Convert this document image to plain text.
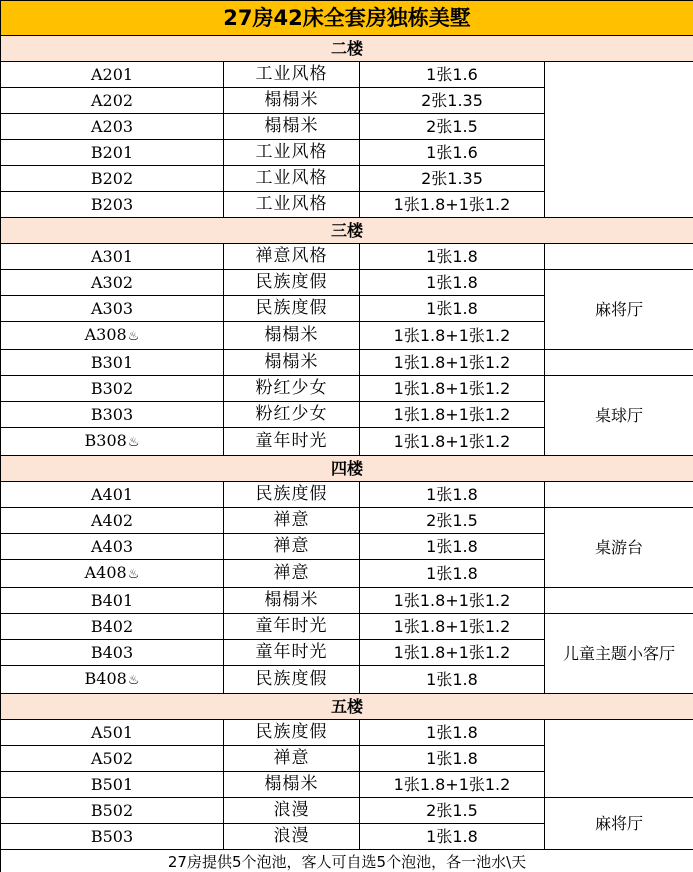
27房42床全套房独栋美墅			
二楼			
A201	工业风格	1张1.6	
A202	榻榻米	2张1.35	
A203	榻榻米	2张1.5	
B201	工业风格	1张1.6	
B202	工业风格	2张1.35	
B203	工业风格	1张1.8+1张1.2	
三楼			
A301	禅意风格	1张1.8	
A302	民族度假	1张1.8	麻将厅
A303	民族度假	1张1.8	
A308♨	榻榻米	1张1.8+1张1.2	
B301	榻榻米	1张1.8+1张1.2	
B302	粉红少女	1张1.8+1张1.2	桌球厅
B303	粉红少女	1张1.8+1张1.2	
B308♨	童年时光	1张1.8+1张1.2	
四楼			
A401	民族度假	1张1.8	
A402	禅意	2张1.5	桌游台
A403	禅意	1张1.8	
A408♨	禅意	1张1.8	
B401	榻榻米	1张1.8+1张1.2	
B402	童年时光	1张1.8+1张1.2	儿童主题小客厅
B403	童年时光	1张1.8+1张1.2	
B408♨	民族度假	1张1.8	
五楼			
A501	民族度假	1张1.8	
A502	禅意	1张1.8	
B501	榻榻米	1张1.8+1张1.2	
B502	浪漫	2张1.5	麻将厅
B503	浪漫	1张1.8	
27房提供5个泡池，客人可自选5个泡池，各一池水\天			
